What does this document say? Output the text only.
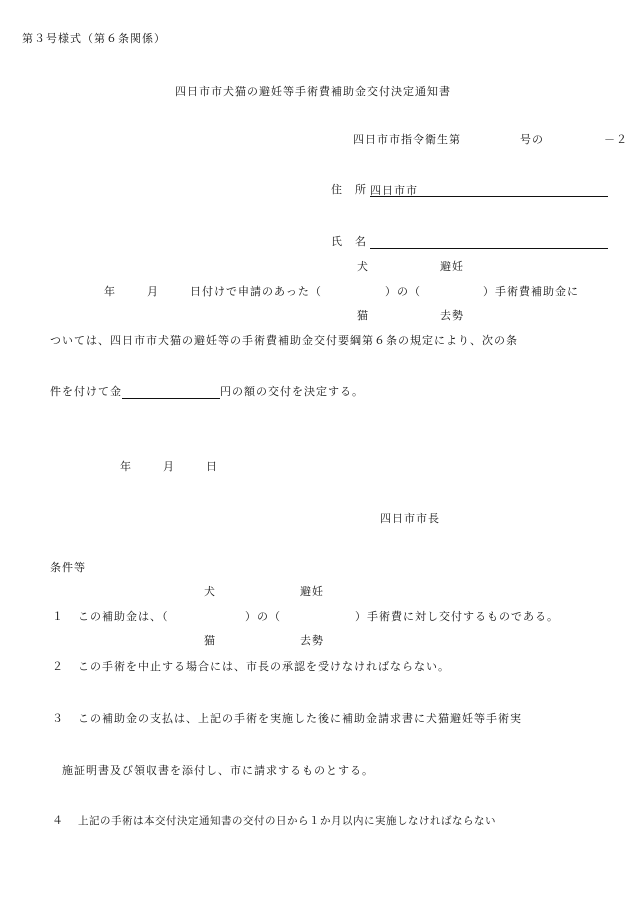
第３号様式（第６条関係）
四日市市犬猫の避妊等手術費補助金交付決定通知書
四日市市指令衛生第	号の	－２
住　所 四日市市
氏　名
犬	避妊
年	月	日付けで申請のあった（	）の（	）手術費補助金に
猫	去勢
ついては、四日市市犬猫の避妊等の手術費補助金交付要綱第６条の規定により、次の条
件を付けて金	円の額の交付を決定する。
年	月	日
四日市市長
条件等
犬	避妊
１ この補助金は、（	）の（	）手術費に対し交付するものである。
猫	去勢
２ この手術を中止する場合には、市長の承認を受けなければならない。
３ この補助金の支払は、上記の手術を実施した後に補助金請求書に犬猫避妊等手術実
施証明書及び領収書を添付し、市に請求するものとする。
４ 上記の手術は本交付決定通知書の交付の日から１か月以内に実施しなければならない
